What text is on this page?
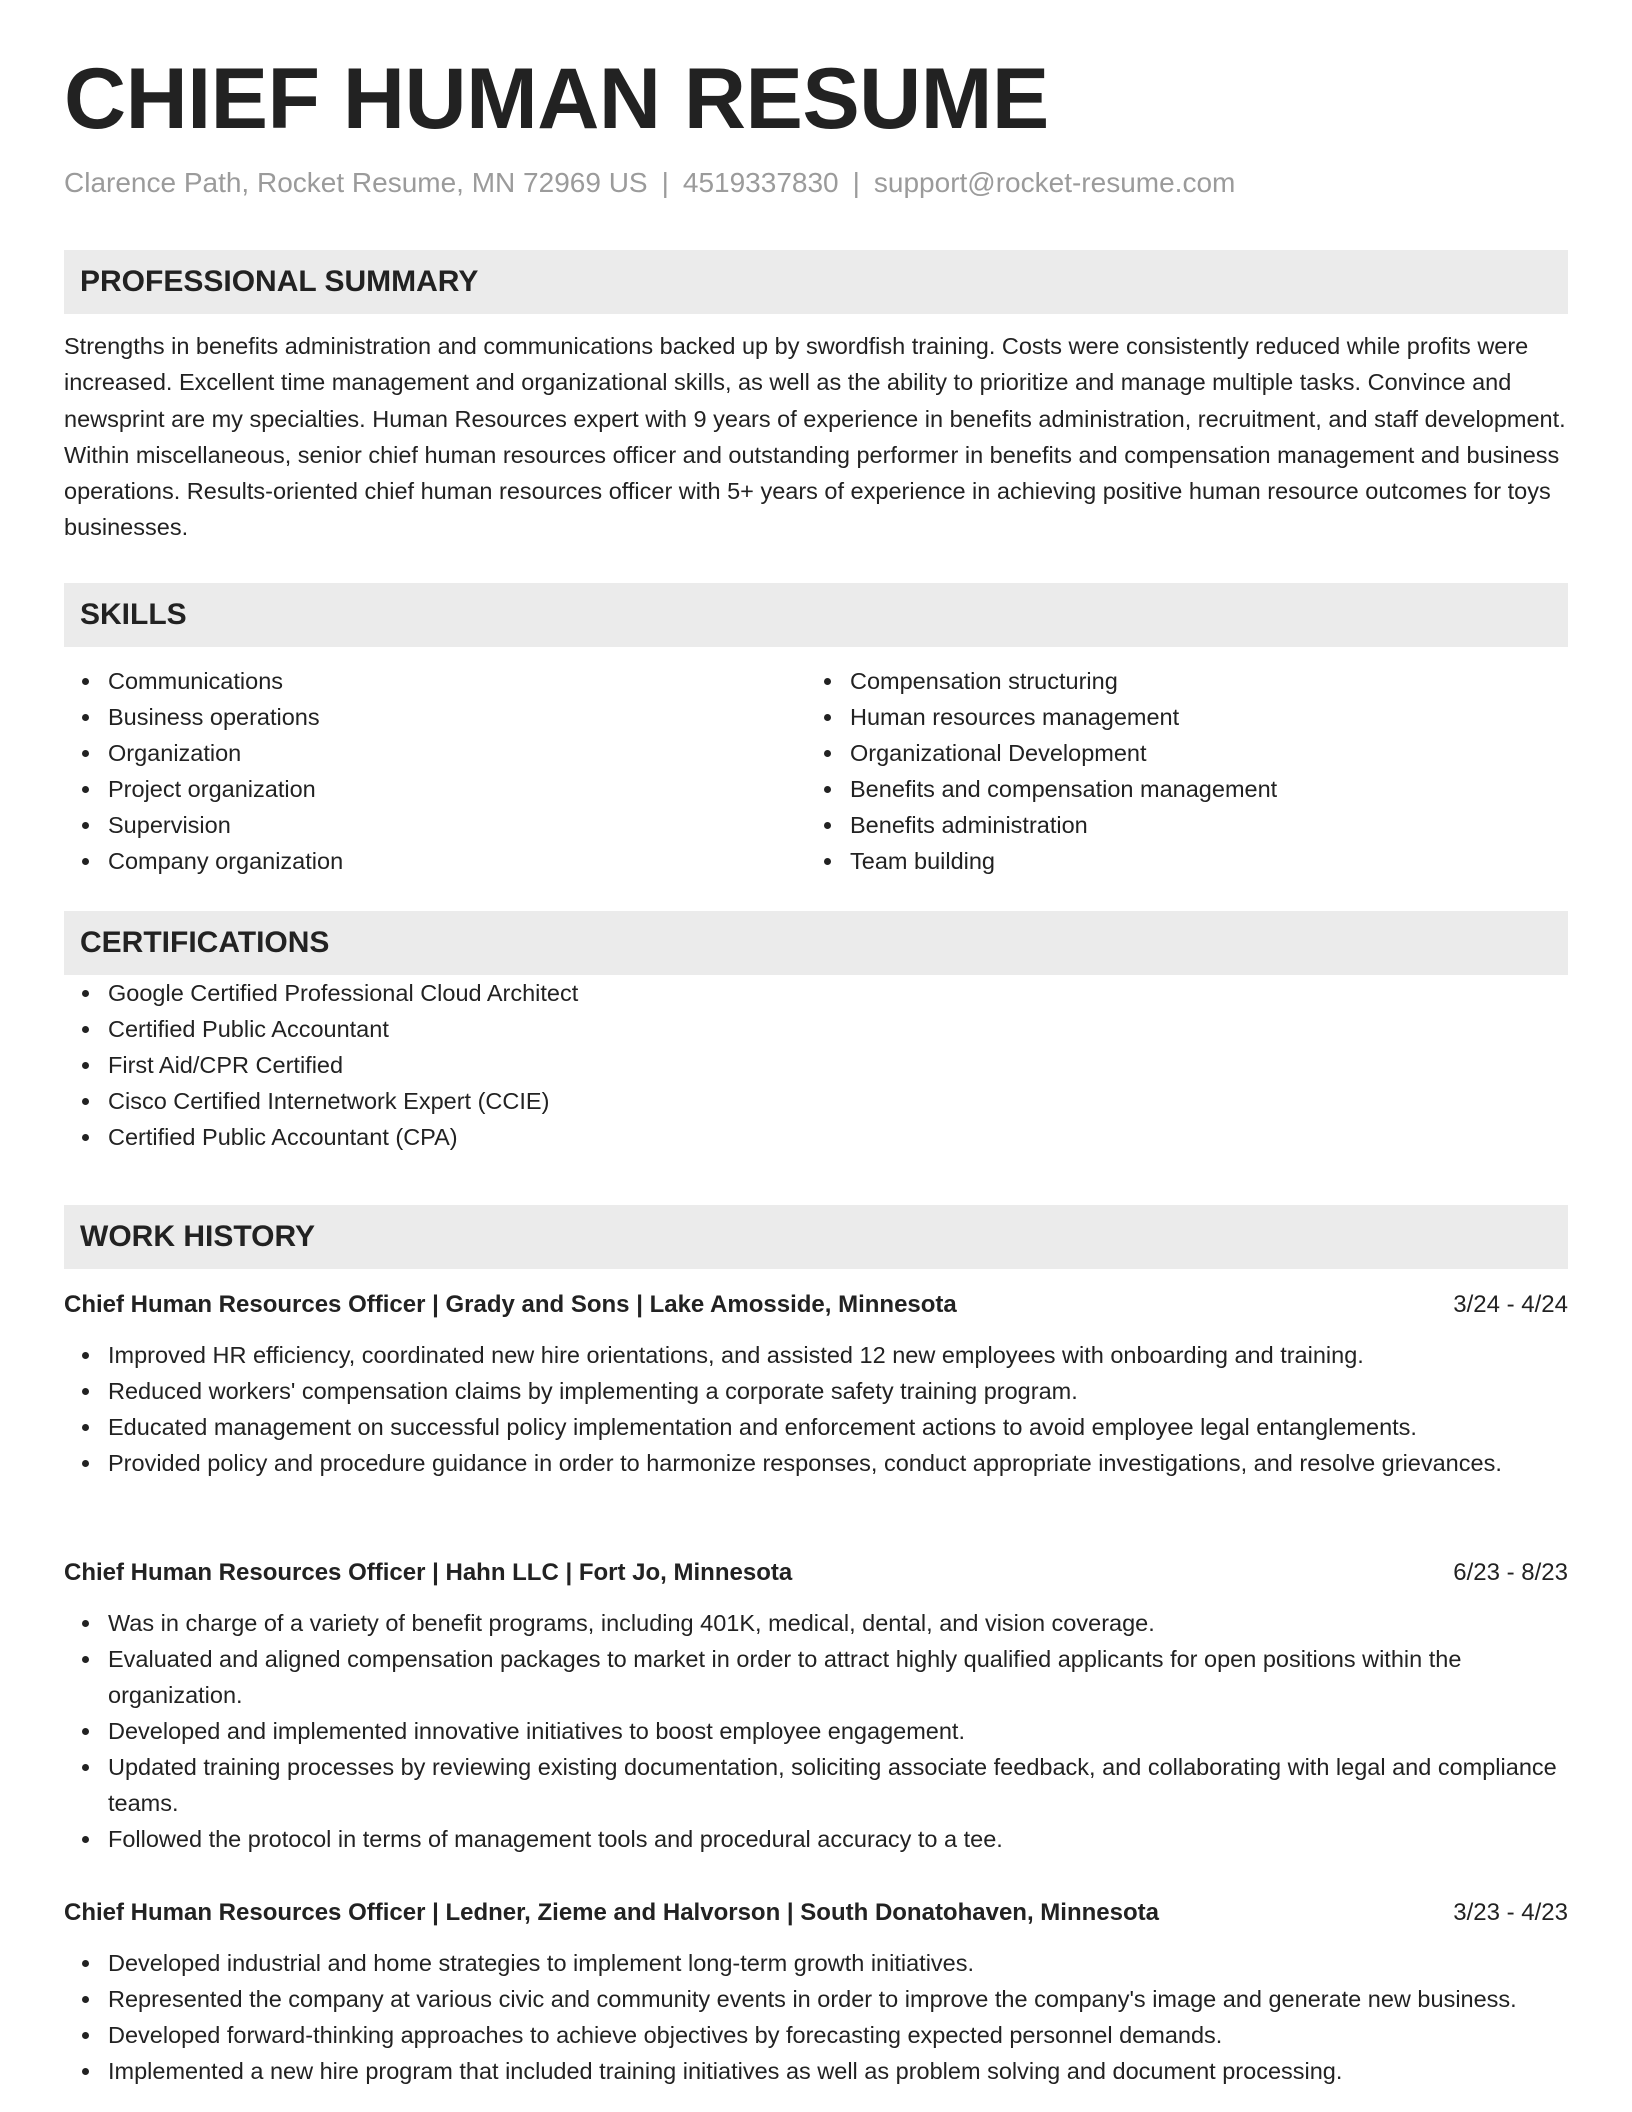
CHIEF HUMAN RESUME
Clarence Path, Rocket Resume, MN 72969 US | 4519337830 | support@rocket-resume.com
PROFESSIONAL SUMMARY

Strengths in benefits administration and communications backed up by swordfish training. Costs were consistently reduced while profits were increased. Excellent time management and organizational skills, as well as the ability to prioritize and manage multiple tasks. Convince and newsprint are my specialties. Human Resources expert with 9 years of experience in benefits administration, recruitment, and staff development. Within miscellaneous, senior chief human resources officer and outstanding performer in benefits and compensation management and business operations. Results-oriented chief human resources officer with 5+ years of experience in achieving positive human resource outcomes for toys businesses.

SKILLS
Communications
Business operations
Organization
Project organization
Supervision
Company organization
Compensation structuring
Human resources management
Organizational Development
Benefits and compensation management
Benefits administration
Team building
CERTIFICATIONS
Google Certified Professional Cloud Architect
Certified Public Accountant
First Aid/CPR Certified
Cisco Certified Internetwork Expert (CCIE)
Certified Public Accountant (CPA)
WORK HISTORY
Chief Human Resources Officer | Grady and Sons | Lake Amosside, Minnesota	3/24 - 4/24
Improved HR efficiency, coordinated new hire orientations, and assisted 12 new employees with onboarding and training.
Reduced workers' compensation claims by implementing a corporate safety training program.
Educated management on successful policy implementation and enforcement actions to avoid employee legal entanglements.
Provided policy and procedure guidance in order to harmonize responses, conduct appropriate investigations, and resolve grievances.
Chief Human Resources Officer | Hahn LLC | Fort Jo, Minnesota	6/23 - 8/23
Was in charge of a variety of benefit programs, including 401K, medical, dental, and vision coverage.
Evaluated and aligned compensation packages to market in order to attract highly qualified applicants for open positions within the organization.
Developed and implemented innovative initiatives to boost employee engagement.
Updated training processes by reviewing existing documentation, soliciting associate feedback, and collaborating with legal and compliance teams.
Followed the protocol in terms of management tools and procedural accuracy to a tee.
Chief Human Resources Officer | Ledner, Zieme and Halvorson | South Donatohaven, Minnesota	3/23 - 4/23
Developed industrial and home strategies to implement long-term growth initiatives.
Represented the company at various civic and community events in order to improve the company's image and generate new business.
Developed forward-thinking approaches to achieve objectives by forecasting expected personnel demands.
Implemented a new hire program that included training initiatives as well as problem solving and document processing.
